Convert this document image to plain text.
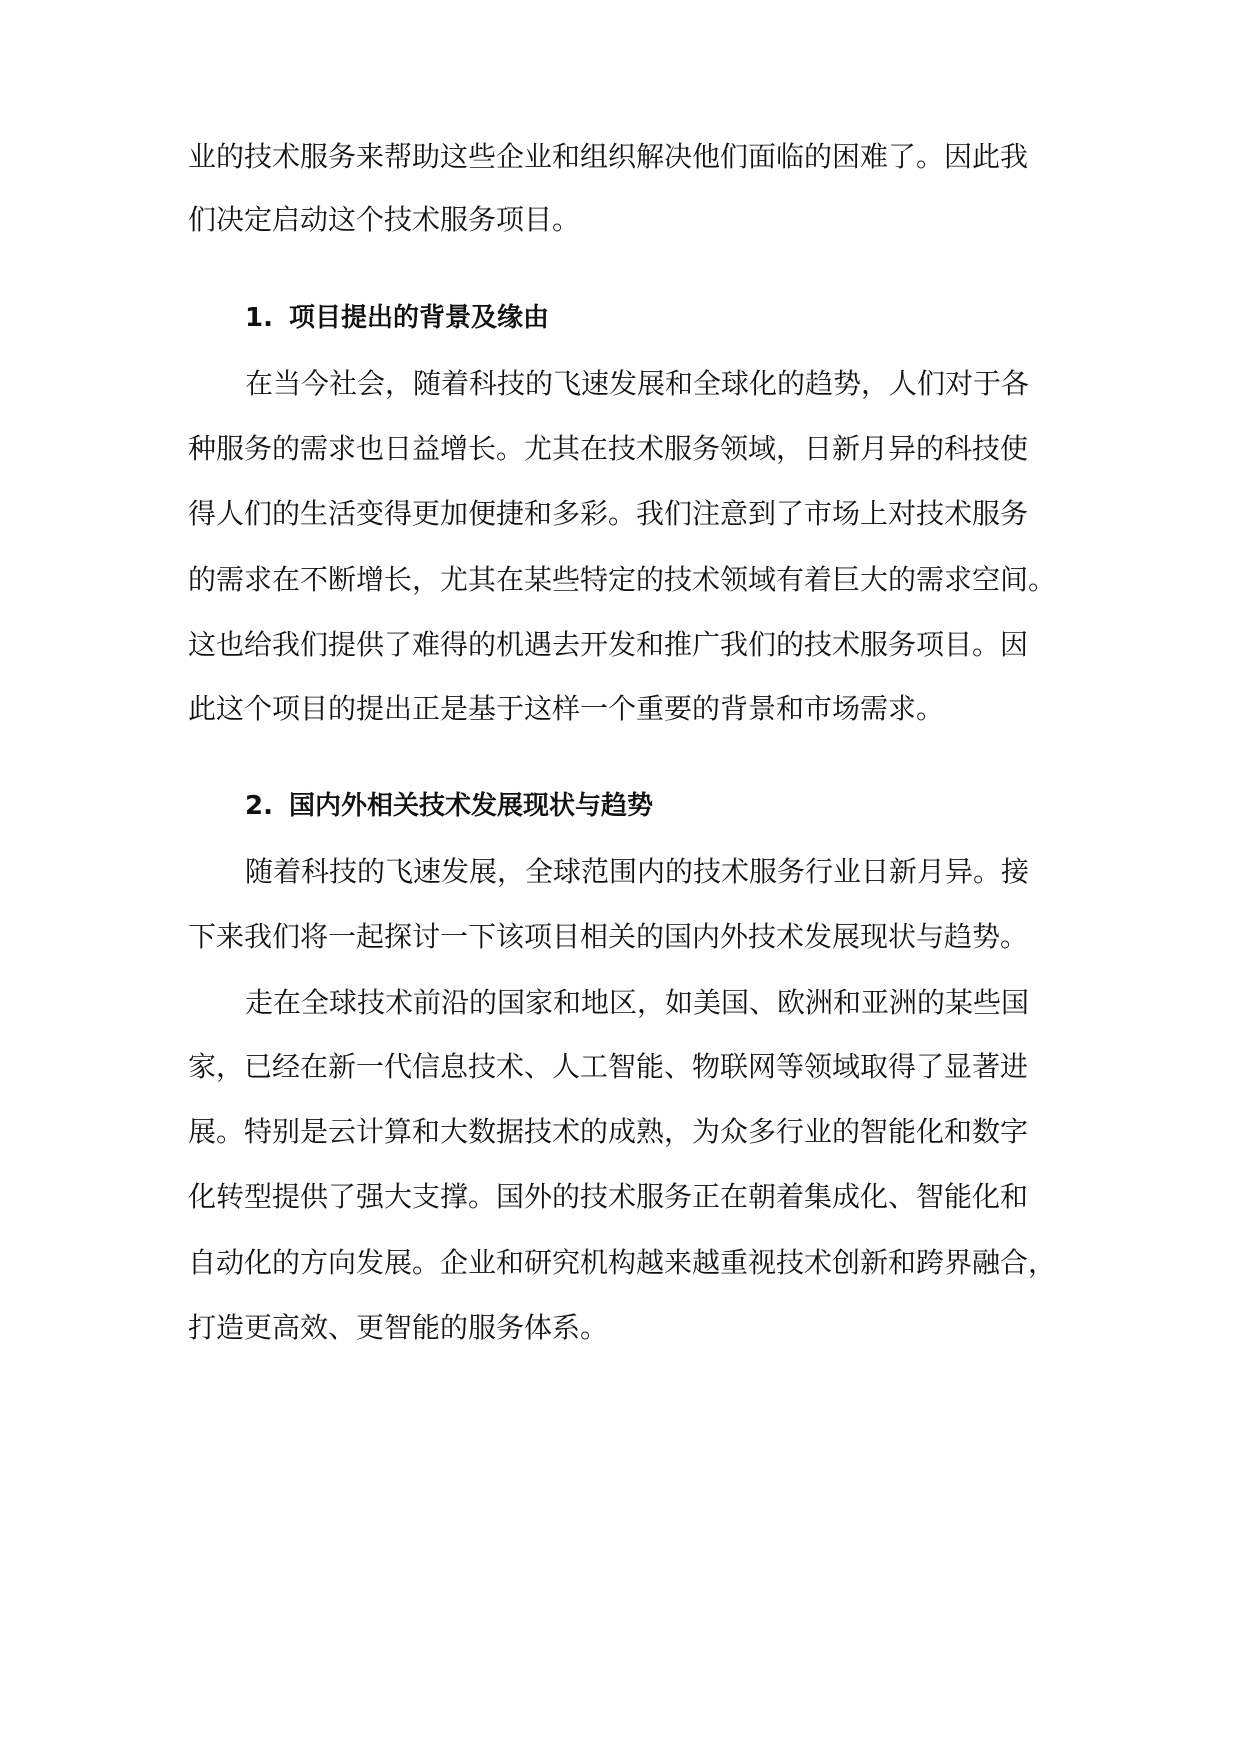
业的技术服务来帮助这些企业和组织解决他们面临的困难了。因此我
们决定启动这个技术服务项目。
1. 项目提出的背景及缘由
在当今社会，随着科技的飞速发展和全球化的趋势，人们对于各
种服务的需求也日益增长。尤其在技术服务领域，日新月异的科技使
得人们的生活变得更加便捷和多彩。我们注意到了市场上对技术服务
的需求在不断增长，尤其在某些特定的技术领域有着巨大的需求空间。
这也给我们提供了难得的机遇去开发和推广我们的技术服务项目。因
此这个项目的提出正是基于这样一个重要的背景和市场需求。
2. 国内外相关技术发展现状与趋势
随着科技的飞速发展，全球范围内的技术服务行业日新月异。接
下来我们将一起探讨一下该项目相关的国内外技术发展现状与趋势。
走在全球技术前沿的国家和地区，如美国、欧洲和亚洲的某些国
家，已经在新一代信息技术、人工智能、物联网等领域取得了显著进
展。特别是云计算和大数据技术的成熟，为众多行业的智能化和数字
化转型提供了强大支撑。国外的技术服务正在朝着集成化、智能化和
自动化的方向发展。企业和研究机构越来越重视技术创新和跨界融合，
打造更高效、更智能的服务体系。
